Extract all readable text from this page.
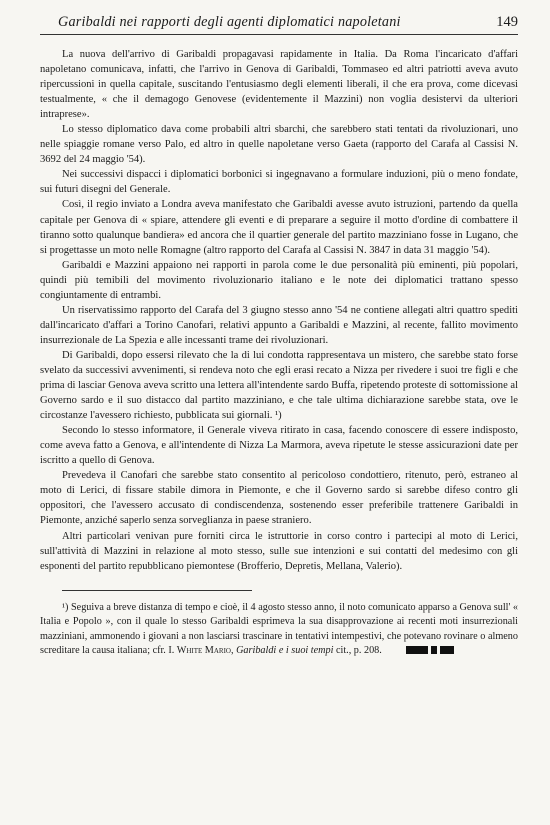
Garibaldi nei rapporti degli agenti diplomatici napoletani	149

La nuova dell'arrivo di Garibaldi propagavasi rapidamente in Italia. Da Roma l'incaricato d'affari napoletano comunicava, infatti, che l'arrivo in Genova di Garibaldi, Tommaseo ed altri patriotti aveva avuto ripercussioni in quella capitale, suscitando l'entusiasmo degli elementi liberali, il che era prova, come dicevasi testualmente, « che il demagogo Genovese (evidentemente il Mazzini) non voglia desistervi da ulteriori intraprese».

Lo stesso diplomatico dava come probabili altri sbarchi, che sarebbero stati tentati da rivoluzionari, uno nelle spiaggie romane verso Palo, ed altro in quelle napoletane verso Gaeta (rapporto del Carafa al Cassisi N. 3692 del 24 maggio '54).

Nei successivi dispacci i diplomatici borbonici si ingegnavano a formulare induzioni, più o meno fondate, sui futuri disegni del Generale.

Così, il regio inviato a Londra aveva manifestato che Garibaldi avesse avuto istruzioni, partendo da quella capitale per Genova di « spiare, attendere gli eventi e di preparare a seguire il motto d'ordine di combattere il tiranno sotto qualunque bandiera» ed ancora che il quartier generale del partito mazziniano fosse in Lugano, che si progettasse un moto nelle Romagne (altro rapporto del Carafa al Cassisi N. 3847 in data 31 maggio '54).

Garibaldi e Mazzini appaiono nei rapporti in parola come le due personalità più eminenti, più popolari, quindi più temibili del movimento rivoluzionario italiano e le note dei diplomatici trattano spesso congiuntamente di entrambi.

Un riservatissimo rapporto del Carafa del 3 giugno stesso anno '54 ne contiene allegati altri quattro spediti dall'incaricato d'affari a Torino Canofari, relativi appunto a Garibaldi e Mazzini, al recente, fallito movimento insurrezionale de La Spezia e alle incessanti trame dei rivoluzionari.

Di Garibaldi, dopo essersi rilevato che la di lui condotta rappresentava un mistero, che sarebbe stato forse svelato da successivi avvenimenti, si rendeva noto che egli erasi recato a Nizza per rivedere i suoi tre figli e che prima di lasciar Genova aveva scritto una lettera all'intendente sardo Buffa, ripetendo proteste di sottomissione al Governo sardo e il suo distacco dal partito mazziniano, e che tale ultima dichiarazione sarebbe stata, ove le circostanze l'avessero richiesto, pubblicata sui giornali. ¹)

Secondo lo stesso informatore, il Generale viveva ritirato in casa, facendo conoscere di essere indisposto, come aveva fatto a Genova, e all'intendente di Nizza La Marmora, aveva ripetute le stesse assicurazioni date per iscritto a quello di Genova.

Prevedeva il Canofari che sarebbe stato consentito al pericoloso condottiero, ritenuto, però, estraneo al moto di Lerici, di fissare stabile dimora in Piemonte, e che il Governo sardo si sarebbe difeso contro gli oppositori, che l'avessero accusato di condiscendenza, sostenendo esser preferibile trattenere Garibaldi in Piemonte, anziché saperlo senza sorveglianza in paese straniero.

Altri particolari venivan pure forniti circa le istruttorie in corso contro i partecipi al moto di Lerici, sull'attività di Mazzini in relazione al moto stesso, sulle sue intenzioni e sui contatti del medesimo con gli esponenti del partito repubblicano piemontese (Brofferio, Depretis, Mellana, Valerio).

¹) Seguiva a breve distanza di tempo e cioè, il 4 agosto stesso anno, il noto comunicato apparso a Genova sull' « Italia e Popolo », con il quale lo stesso Garibaldi esprimeva la sua disapprovazione ai recenti moti insurrezionali mazziniani, ammonendo i giovani a non lasciarsi trascinare in tentativi intempestivi, che potevano rovinare o almeno screditare la causa italiana; cfr. I. White Mario, Garibaldi e i suoi tempi cit., p. 208.
